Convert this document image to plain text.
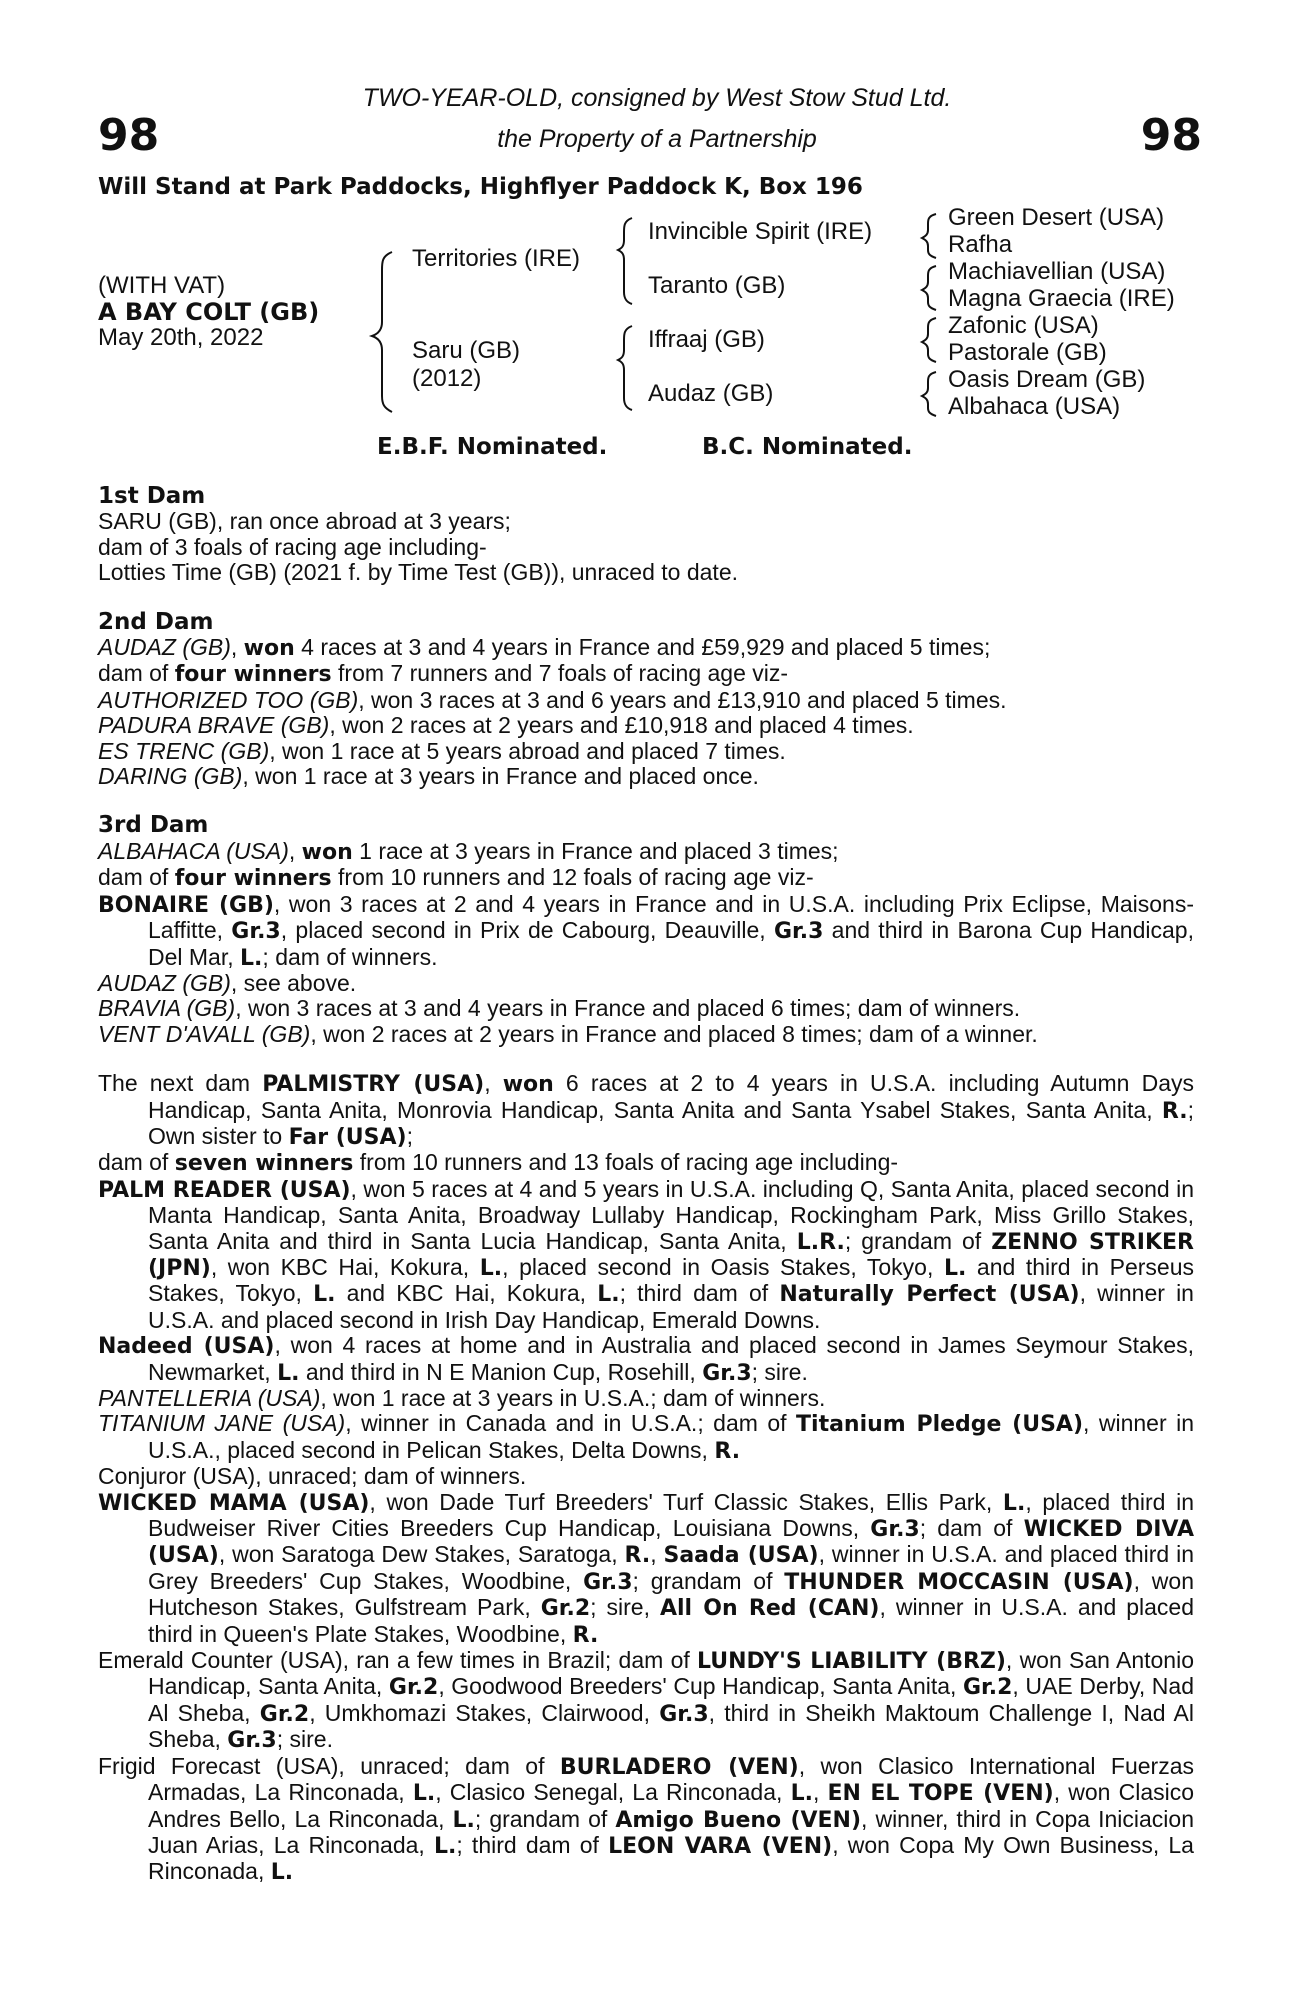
98	98
TWO-YEAR-OLD, consigned by West Stow Stud Ltd.
the Property of a Partnership
Will Stand at Park Paddocks, Highflyer Paddock K, Box 196
(WITH VAT)
A BAY COLT (GB)
May 20th, 2022
Territories (IRE)
Saru (GB)
(2012)
Invincible Spirit (IRE)
Taranto (GB)
Iffraaj (GB)
Audaz (GB)
Green Desert (USA)
Rafha
Machiavellian (USA)
Magna Graecia (IRE)
Zafonic (USA)
Pastorale (GB)
Oasis Dream (GB)
Albahaca (USA)
E.B.F. Nominated.	B.C. Nominated.

1st Dam

SARU (GB), ran once abroad at 3 years;

dam of 3 foals of racing age including-

Lotties Time (GB) (2021 f. by Time Test (GB)), unraced to date.

2nd Dam

AUDAZ (GB), won 4 races at 3 and 4 years in France and £59,929 and placed 5 times;

dam of four winners from 7 runners and 7 foals of racing age viz-

AUTHORIZED TOO (GB), won 3 races at 3 and 6 years and £13,910 and placed 5 times.

PADURA BRAVE (GB), won 2 races at 2 years and £10,918 and placed 4 times.

ES TRENC (GB), won 1 race at 5 years abroad and placed 7 times.

DARING (GB), won 1 race at 3 years in France and placed once.

3rd Dam

ALBAHACA (USA), won 1 race at 3 years in France and placed 3 times;

dam of four winners from 10 runners and 12 foals of racing age viz-

BONAIRE (GB), won 3 races at 2 and 4 years in France and in U.S.A. including Prix Eclipse, Maisons-Laffitte, Gr.3, placed second in Prix de Cabourg, Deauville, Gr.3 and third in Barona Cup Handicap, Del Mar, L.; dam of winners.

AUDAZ (GB), see above.

BRAVIA (GB), won 3 races at 3 and 4 years in France and placed 6 times; dam of winners.

VENT D'AVALL (GB), won 2 races at 2 years in France and placed 8 times; dam of a winner.

The next dam PALMISTRY (USA), won 6 races at 2 to 4 years in U.S.A. including Autumn Days Handicap, Santa Anita, Monrovia Handicap, Santa Anita and Santa Ysabel Stakes, Santa Anita, R.; Own sister to Far (USA);

dam of seven winners from 10 runners and 13 foals of racing age including-

PALM READER (USA), won 5 races at 4 and 5 years in U.S.A. including Q, Santa Anita, placed second in Manta Handicap, Santa Anita, Broadway Lullaby Handicap, Rockingham Park, Miss Grillo Stakes, Santa Anita and third in Santa Lucia Handicap, Santa Anita, L.R.; grandam of ZENNO STRIKER (JPN), won KBC Hai, Kokura, L., placed second in Oasis Stakes, Tokyo, L. and third in Perseus Stakes, Tokyo, L. and KBC Hai, Kokura, L.; third dam of Naturally Perfect (USA), winner in U.S.A. and placed second in Irish Day Handicap, Emerald Downs.

Nadeed (USA), won 4 races at home and in Australia and placed second in James Seymour Stakes, Newmarket, L. and third in N E Manion Cup, Rosehill, Gr.3; sire.

PANTELLERIA (USA), won 1 race at 3 years in U.S.A.; dam of winners.

TITANIUM JANE (USA), winner in Canada and in U.S.A.; dam of Titanium Pledge (USA), winner in U.S.A., placed second in Pelican Stakes, Delta Downs, R.

Conjuror (USA), unraced; dam of winners.

WICKED MAMA (USA), won Dade Turf Breeders' Turf Classic Stakes, Ellis Park, L., placed third in Budweiser River Cities Breeders Cup Handicap, Louisiana Downs, Gr.3; dam of WICKED DIVA (USA), won Saratoga Dew Stakes, Saratoga, R., Saada (USA), winner in U.S.A. and placed third in Grey Breeders' Cup Stakes, Woodbine, Gr.3; grandam of THUNDER MOCCASIN (USA), won Hutcheson Stakes, Gulfstream Park, Gr.2; sire, All On Red (CAN), winner in U.S.A. and placed third in Queen's Plate Stakes, Woodbine, R.

Emerald Counter (USA), ran a few times in Brazil; dam of LUNDY'S LIABILITY (BRZ), won San Antonio Handicap, Santa Anita, Gr.2, Goodwood Breeders' Cup Handicap, Santa Anita, Gr.2, UAE Derby, Nad Al Sheba, Gr.2, Umkhomazi Stakes, Clairwood, Gr.3, third in Sheikh Maktoum Challenge I, Nad Al Sheba, Gr.3; sire.

Frigid Forecast (USA), unraced; dam of BURLADERO (VEN), won Clasico International Fuerzas Armadas, La Rinconada, L., Clasico Senegal, La Rinconada, L., EN EL TOPE (VEN), won Clasico Andres Bello, La Rinconada, L.; grandam of Amigo Bueno (VEN), winner, third in Copa Iniciacion Juan Arias, La Rinconada, L.; third dam of LEON VARA (VEN), won Copa My Own Business, La Rinconada, L.
